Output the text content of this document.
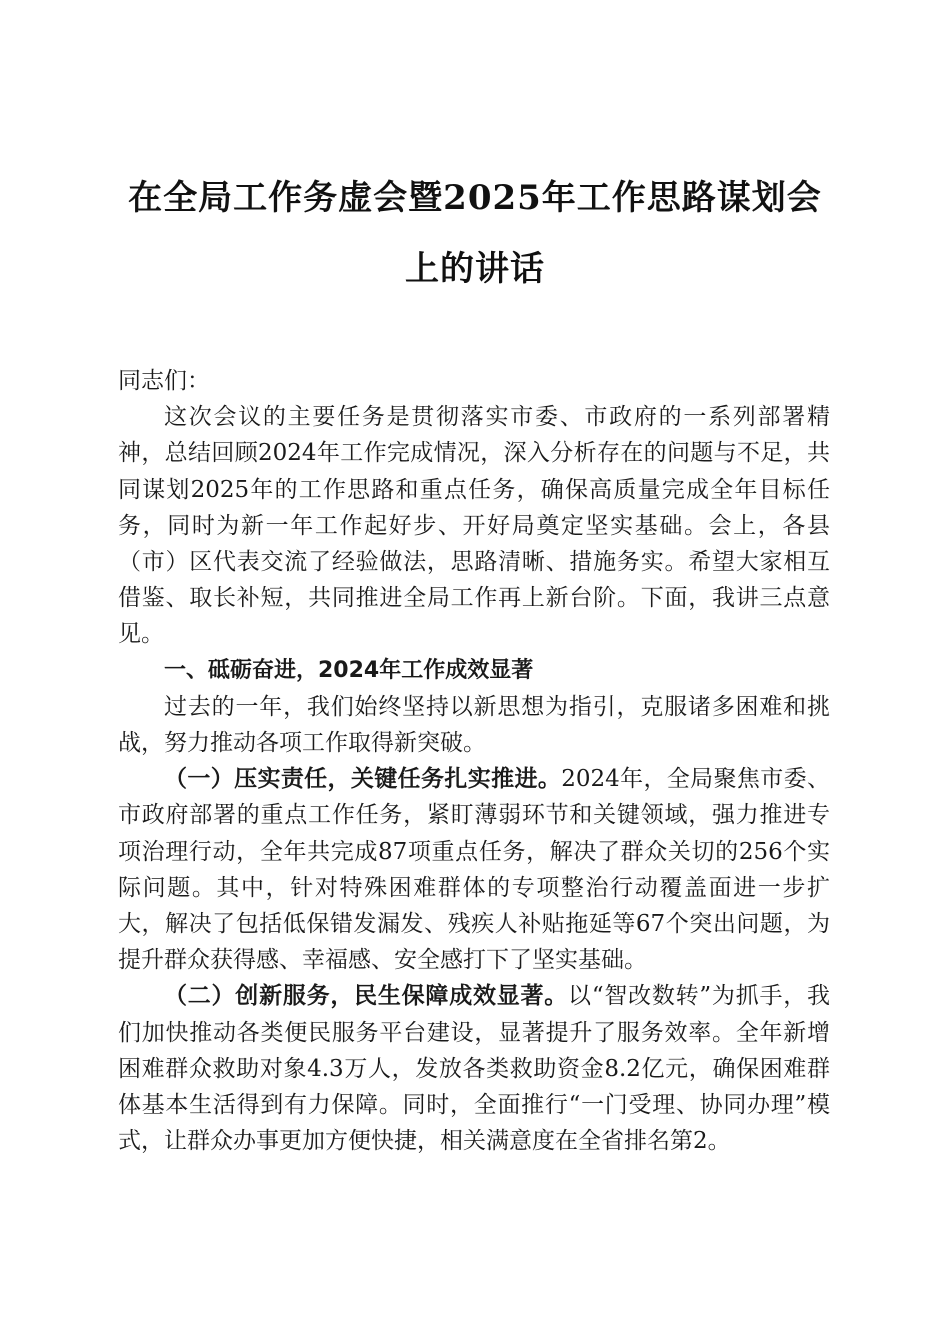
在全局工作务虚会暨2025年工作思路谋划会
上的讲话

同志们：

这次会议的主要任务是贯彻落实市委、市政府的一系列部署精神，总结回顾2024年工作完成情况，深入分析存在的问题与不足，共同谋划2025年的工作思路和重点任务，确保高质量完成全年目标任务，同时为新一年工作起好步、开好局奠定坚实基础。会上，各县（市）区代表交流了经验做法，思路清晰、措施务实。希望大家相互借鉴、取长补短，共同推进全局工作再上新台阶。下面，我讲三点意见。

一、砥砺奋进，2024年工作成效显著

过去的一年，我们始终坚持以新思想为指引，克服诸多困难和挑战，努力推动各项工作取得新突破。

（一）压实责任，关键任务扎实推进。2024年，全局聚焦市委、市政府部署的重点工作任务，紧盯薄弱环节和关键领域，强力推进专项治理行动，全年共完成87项重点任务，解决了群众关切的256个实际问题。其中，针对特殊困难群体的专项整治行动覆盖面进一步扩大，解决了包括低保错发漏发、残疾人补贴拖延等67个突出问题，为提升群众获得感、幸福感、安全感打下了坚实基础。

（二）创新服务，民生保障成效显著。以“智改数转”为抓手，我们加快推动各类便民服务平台建设，显著提升了服务效率。全年新增困难群众救助对象4.3万人，发放各类救助资金8.2亿元，确保困难群体基本生活得到有力保障。同时，全面推行“一门受理、协同办理”模式，让群众办事更加方便快捷，相关满意度在全省排名第2。
